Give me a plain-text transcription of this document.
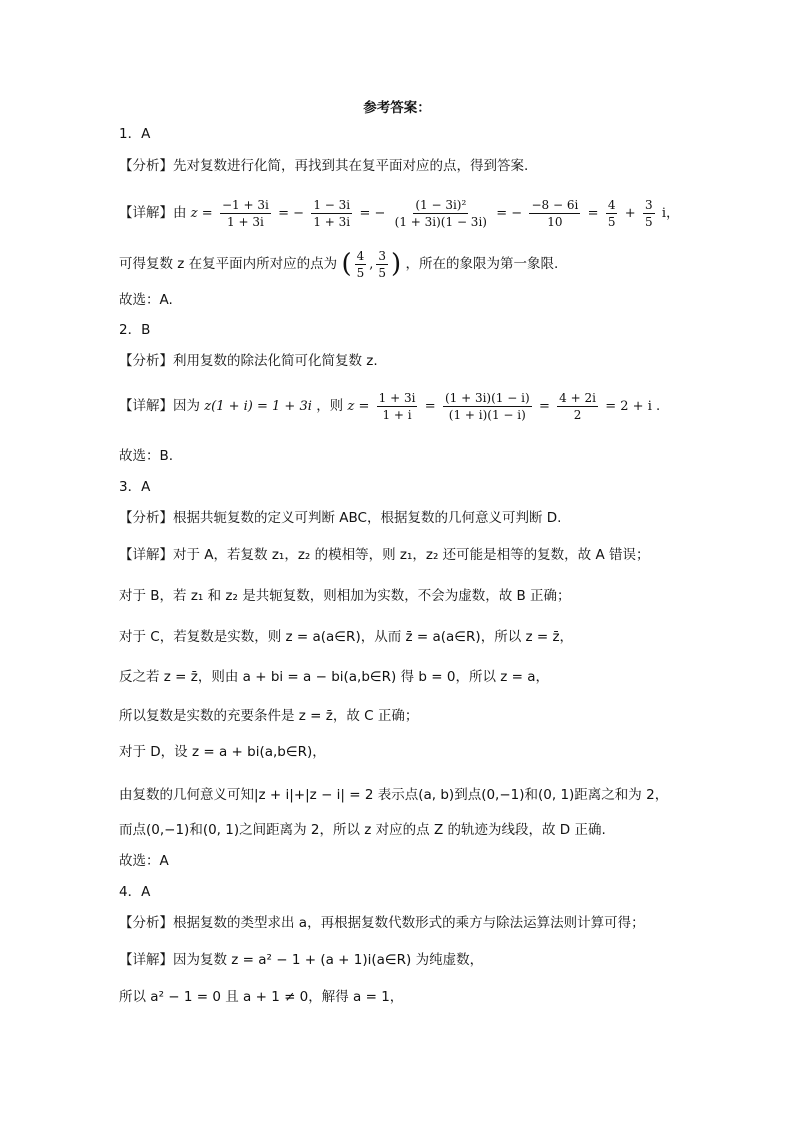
参考答案：
1．A
【分析】先对复数进行化简，再找到其在复平面对应的点，得到答案.
【详解】由 $z = \frac{-1 + 3i}{1 + 3i}$ = − $\frac{1 - 3i}{1 + 3i}$ = − $\frac{\text{(1 − 3i)²}}{(1 + 3i)(1 - 3i)}$ = − $\frac{-8 - 6i}{10} = \frac{4}{5} + \frac{3}{5}$ i，
可得复数 z 在复平面内所对应的点为 ( $\frac{4}{5}$ , $\frac{3}{5}$ ) ，所在的象限为第一象限.
故选：A.
2．B
【分析】利用复数的除法化简可化简复数 z.
【详解】因为 z(1 + i) = 1 + 3i ，则 $z = \frac{1 + 3i}{1 + i} = \frac{(1 + 3i)(1 - i)}{(1 + i)(1 - i)} = \frac{4 + 2i}{2} = 2 + i$ .
故选：B.
3．A
【分析】根据共轭复数的定义可判断 ABC，根据复数的几何意义可判断 D.
【详解】对于 A，若复数 z₁，z₂ 的模相等，则 z₁，z₂ 还可能是相等的复数，故 A 错误；
对于 B，若 z₁ 和 z₂ 是共轭复数，则相加为实数，不会为虚数，故 B 正确；
对于 C，若复数是实数，则 z = a(a∈R)，从而 z̄ = a(a∈R)，所以 z = z̄，
反之若 z = z̄，则由 a + bi = a − bi(a,b∈R) 得 b = 0，所以 z = a，
所以复数是实数的充要条件是 z = z̄，故 C 正确；
对于 D，设 z = a + bi(a,b∈R)，
由复数的几何意义可知|z + i|+|z − i| = 2 表示点(a, b)到点(0,−1)和(0, 1)距离之和为 2，
而点(0,−1)和(0, 1)之间距离为 2，所以 z 对应的点 Z 的轨迹为线段，故 D 正确.
故选：A
4．A
【分析】根据复数的类型求出 a，再根据复数代数形式的乘方与除法运算法则计算可得；
【详解】因为复数 z = a² − 1 + (a + 1)i(a∈R) 为纯虚数，
所以 a² − 1 = 0 且 a + 1 ≠ 0，解得 a = 1，
